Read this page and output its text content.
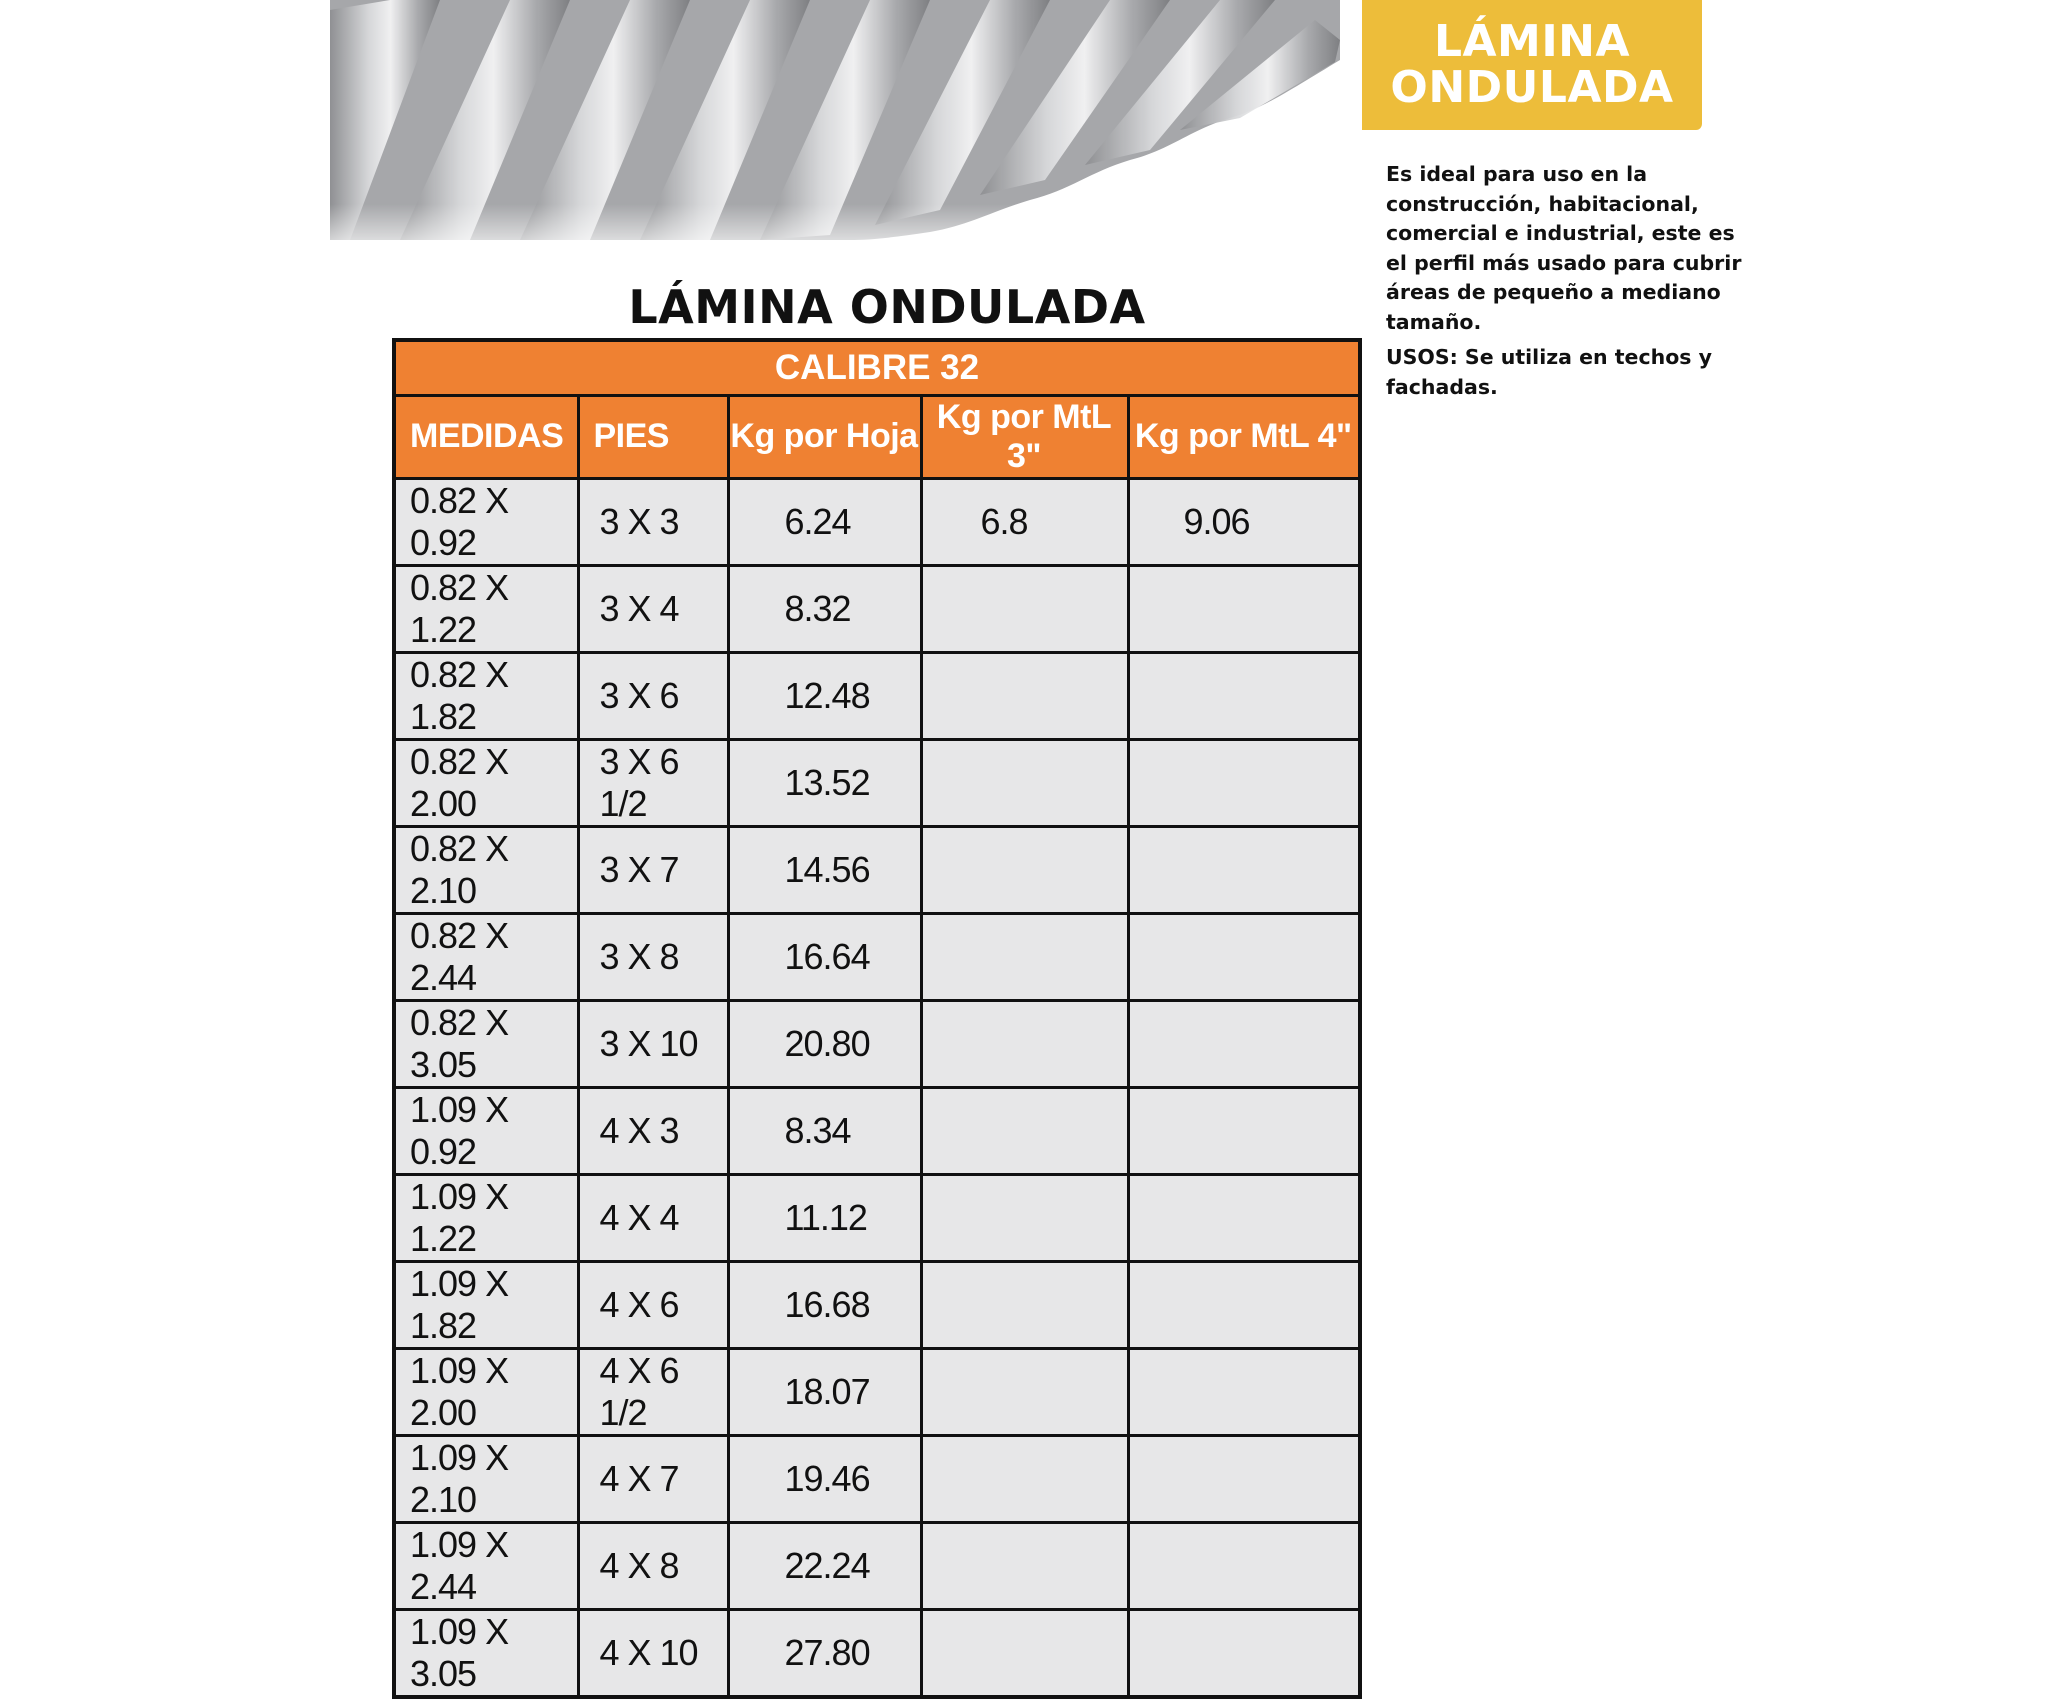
LÁMINA
ONDULADA
Es ideal para uso en la construcción, habitacional, comercial e industrial, este es el perfil más usado para cubrir áreas de pequeño a mediano tamaño.
USOS: Se utiliza en techos y fachadas.
LÁMINA ONDULADA
CALIBRE 32				
MEDIDAS	PIES	Kg por Hoja	Kg por MtL 3"	Kg por MtL 4"
0.82 X 0.92	3 X 3	6.24	6.8	9.06
0.82 X 1.22	3 X 4	8.32		
0.82 X 1.82	3 X 6	12.48		
0.82 X 2.00	3 X 6 1/2	13.52		
0.82 X 2.10	3 X 7	14.56		
0.82 X 2.44	3 X 8	16.64		
0.82 X 3.05	3 X 10	20.80		
1.09 X 0.92	4 X 3	8.34		
1.09 X 1.22	4 X 4	11.12		
1.09 X 1.82	4 X 6	16.68		
1.09 X 2.00	4 X 6 1/2	18.07		
1.09 X 2.10	4 X 7	19.46		
1.09 X 2.44	4 X 8	22.24		
1.09 X 3.05	4 X 10	27.80		
